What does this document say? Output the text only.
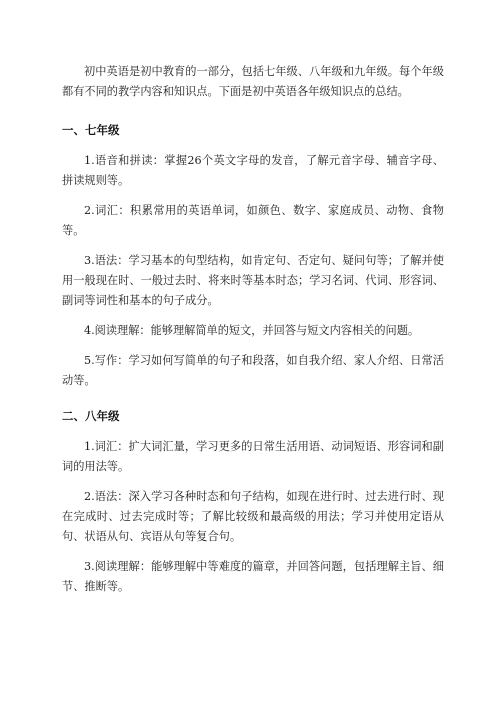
初中英语是初中教育的一部分，包括七年级、八年级和九年级。每个年级都有不同的教学内容和知识点。下面是初中英语各年级知识点的总结。

一、七年级

1.语音和拼读：掌握26个英文字母的发音，了解元音字母、辅音字母、拼读规则等。

2.词汇：积累常用的英语单词，如颜色、数字、家庭成员、动物、食物等。

3.语法：学习基本的句型结构，如肯定句、否定句、疑问句等；了解并使用一般现在时、一般过去时、将来时等基本时态；学习名词、代词、形容词、副词等词性和基本的句子成分。

4.阅读理解：能够理解简单的短文，并回答与短文内容相关的问题。

5.写作：学习如何写简单的句子和段落，如自我介绍、家人介绍、日常活动等。

二、八年级

1.词汇：扩大词汇量，学习更多的日常生活用语、动词短语、形容词和副词的用法等。

2.语法：深入学习各种时态和句子结构，如现在进行时、过去进行时、现在完成时、过去完成时等；了解比较级和最高级的用法；学习并使用定语从句、状语从句、宾语从句等复合句。

3.阅读理解：能够理解中等难度的篇章，并回答问题，包括理解主旨、细节、推断等。
